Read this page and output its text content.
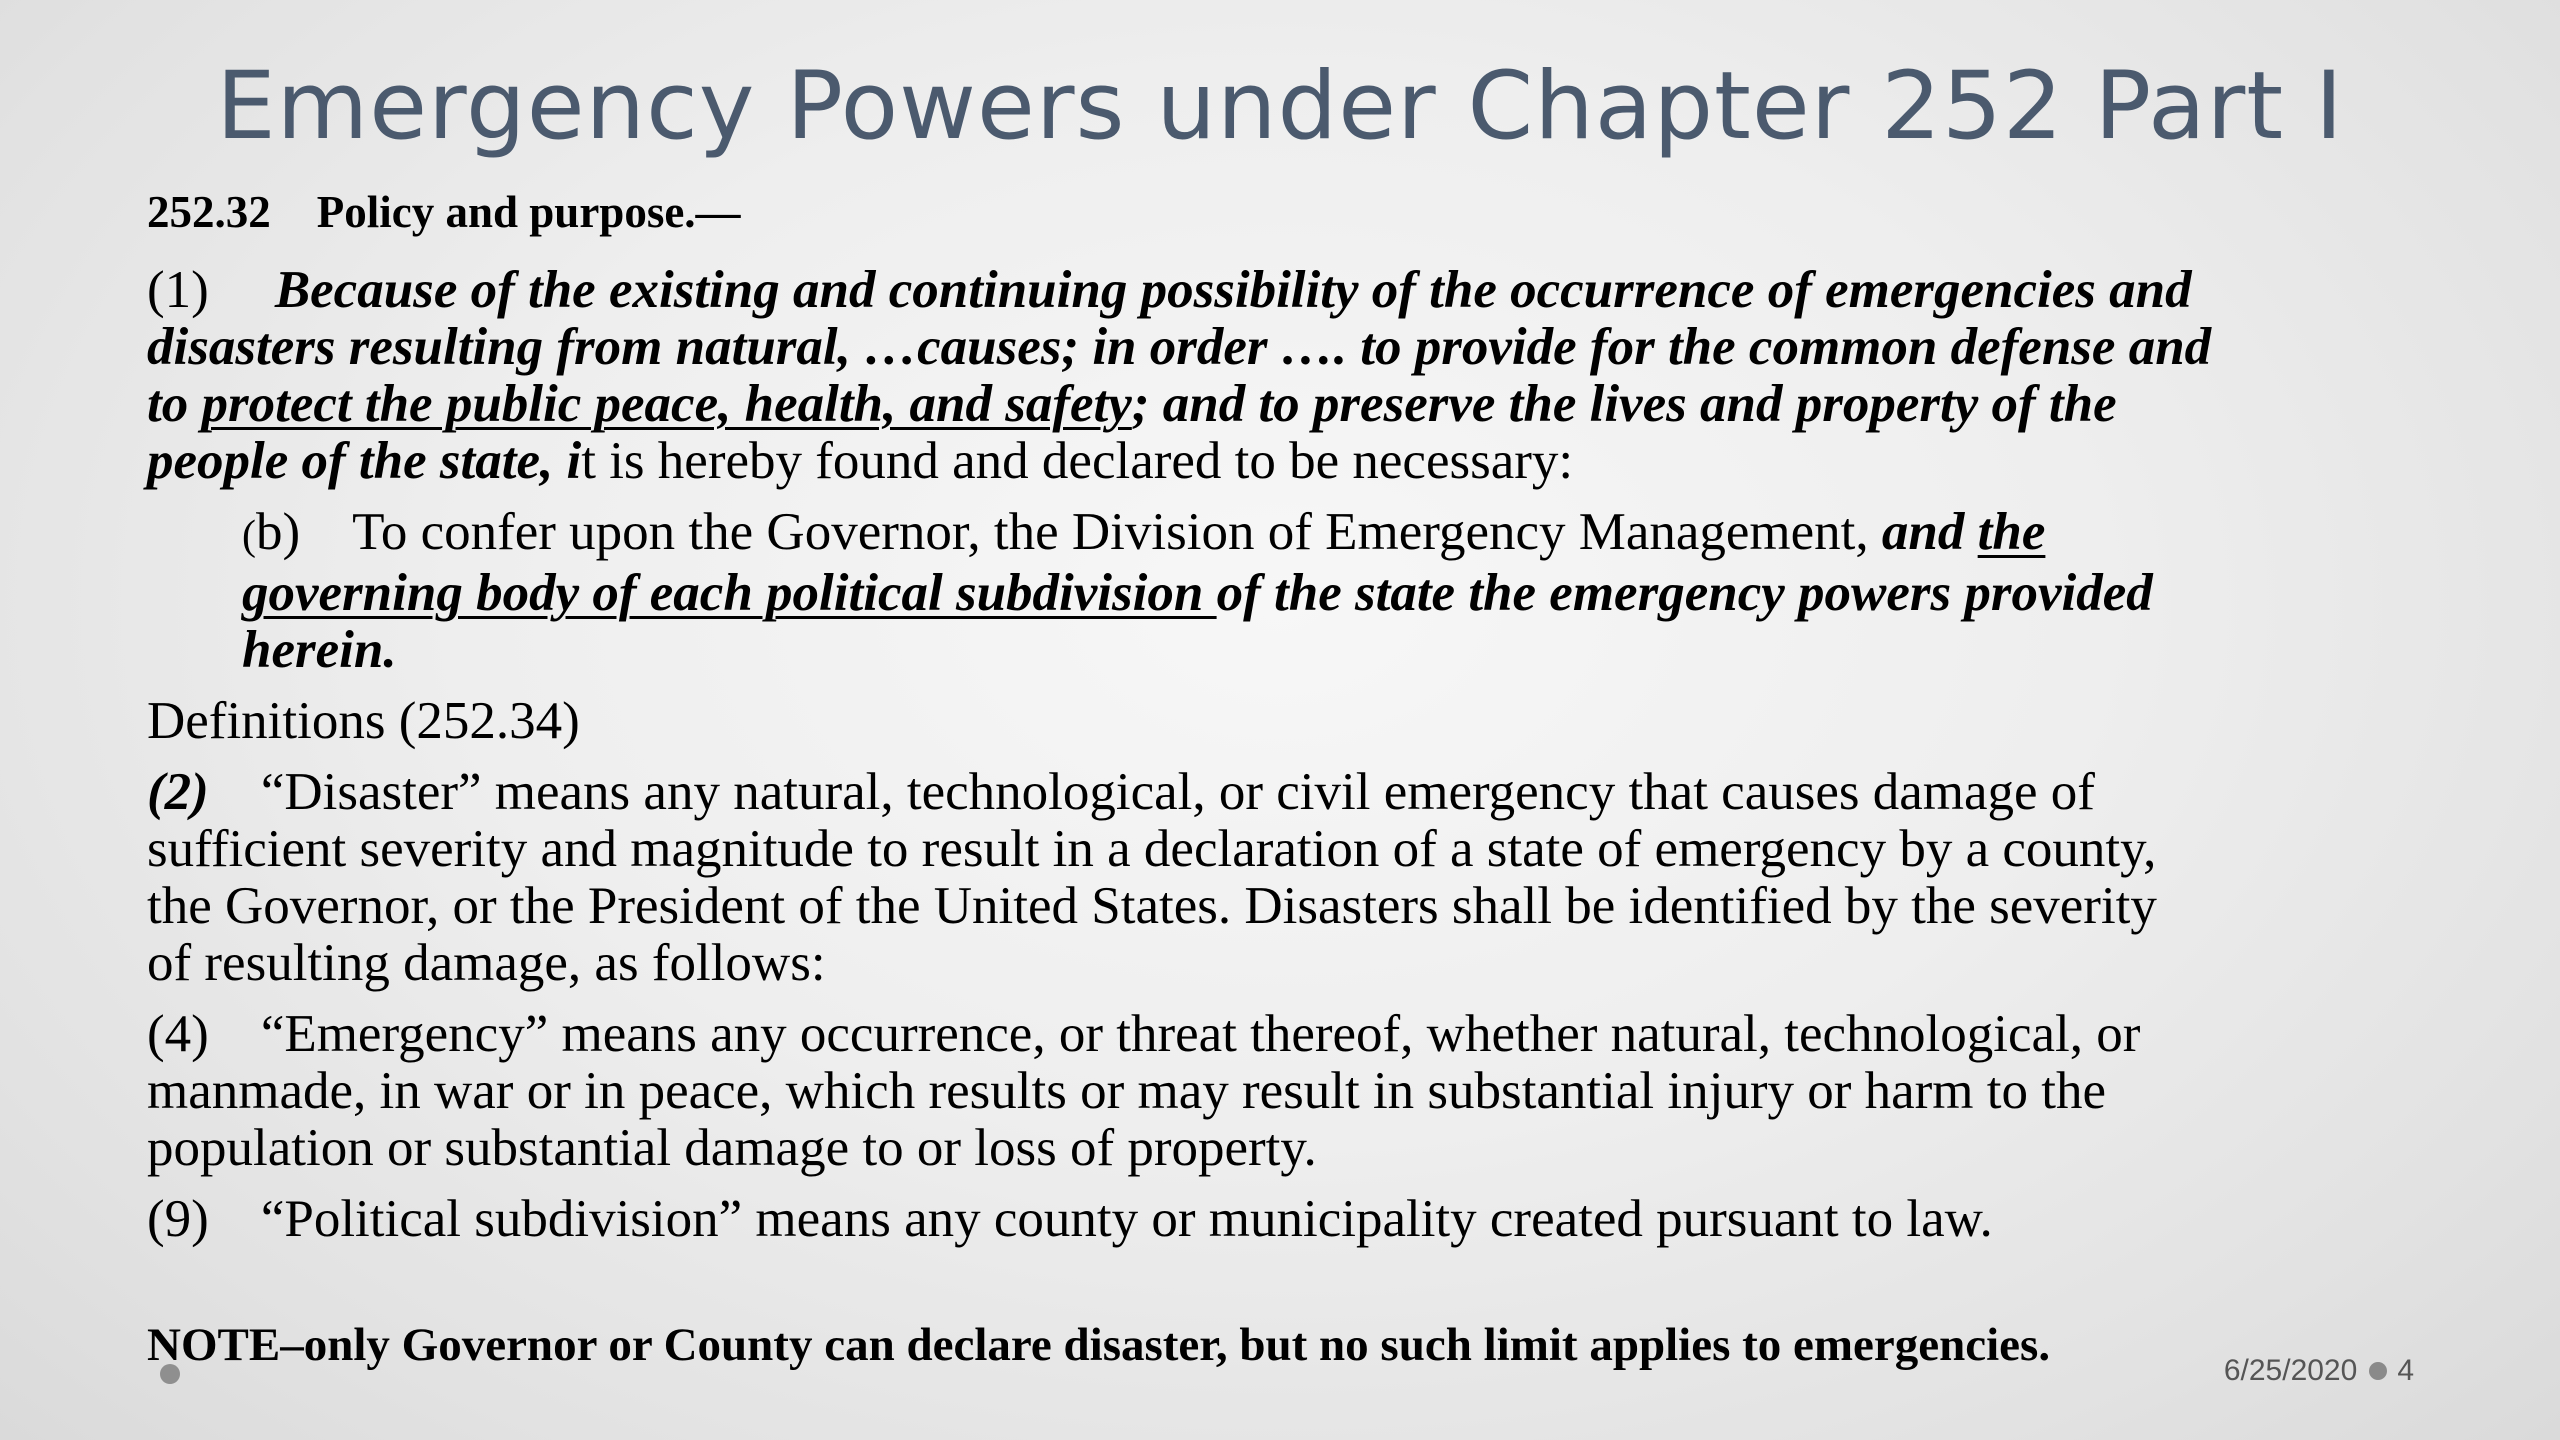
Emergency Powers under Chapter 252 Part I
252.32 Policy and purpose.—
(1) Because of the existing and continuing possibility of the occurrence of emergencies and
disasters resulting from natural, …causes; in order …. to provide for the common defense and
to protect the public peace, health, and safety; and to preserve the lives and property of the
people of the state, it is hereby found and declared to be necessary:
(b) To confer upon the Governor, the Division of Emergency Management, and the
governing body of each political subdivision of the state the emergency powers provided
herein.
Definitions (252.34)
(2) “Disaster” means any natural, technological, or civil emergency that causes damage of
sufficient severity and magnitude to result in a declaration of a state of emergency by a county,
the Governor, or the President of the United States. Disasters shall be identified by the severity
of resulting damage, as follows:
(4) “Emergency” means any occurrence, or threat thereof, whether natural, technological, or
manmade, in war or in peace, which results or may result in substantial injury or harm to the
population or substantial damage to or loss of property.
(9) “Political subdivision” means any county or municipality created pursuant to law.
NOTE–only Governor or County can declare disaster, but no such limit applies to emergencies.	6/25/2020 4
